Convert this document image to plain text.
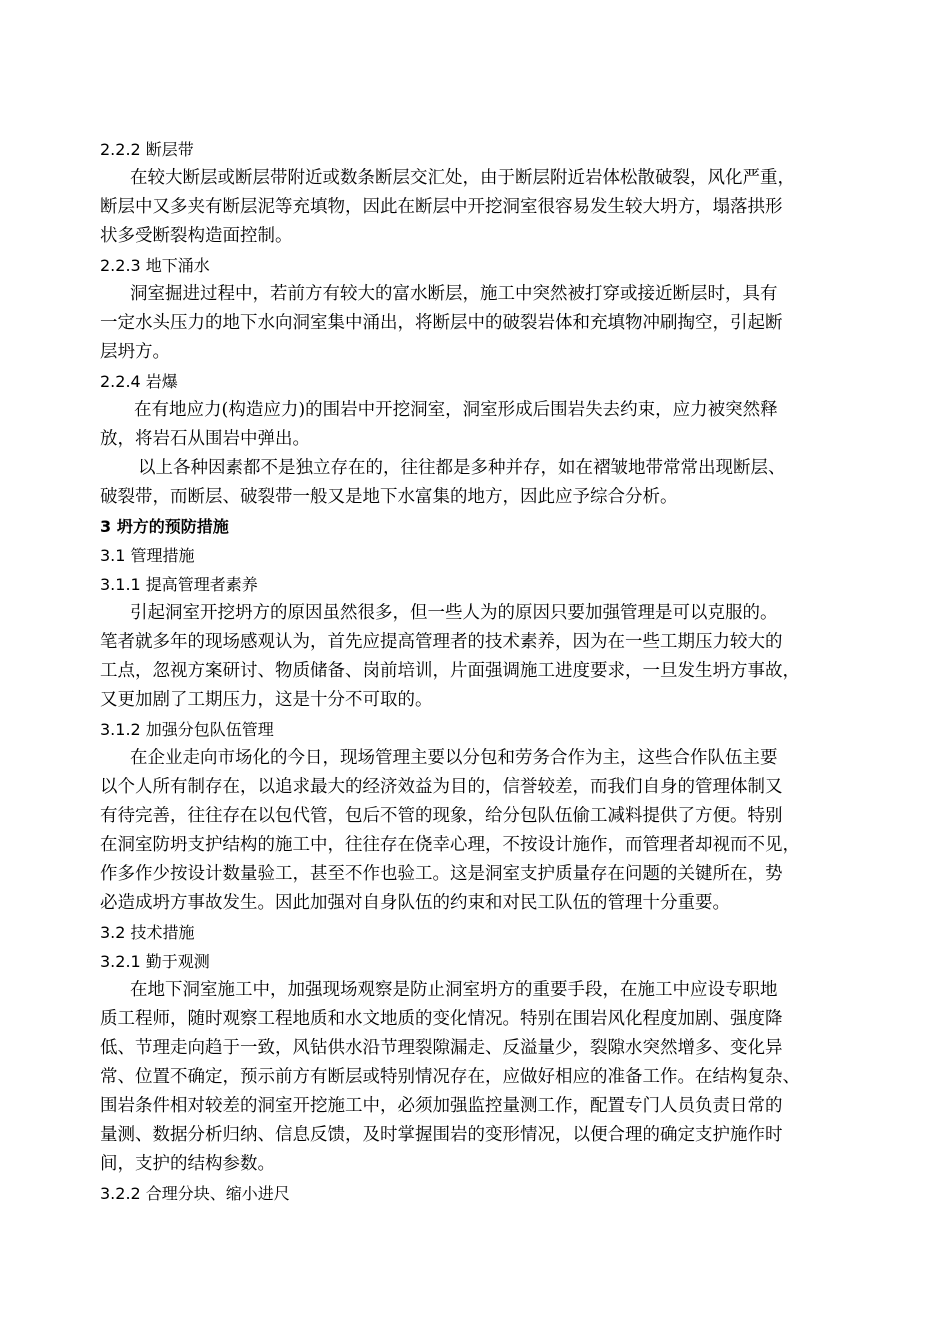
2.2.2 断层带
在较大断层或断层带附近或数条断层交汇处，由于断层附近岩体松散破裂，风化严重，
断层中又多夹有断层泥等充填物，因此在断层中开挖洞室很容易发生较大坍方，塌落拱形
状多受断裂构造面控制。
2.2.3 地下涌水
洞室掘进过程中，若前方有较大的富水断层，施工中突然被打穿或接近断层时，具有
一定水头压力的地下水向洞室集中涌出，将断层中的破裂岩体和充填物冲刷掏空，引起断
层坍方。
2.2.4 岩爆
在有地应力(构造应力)的围岩中开挖洞室，洞室形成后围岩失去约束，应力被突然释
放，将岩石从围岩中弹出。
以上各种因素都不是独立存在的，往往都是多种并存，如在褶皱地带常常出现断层、
破裂带，而断层、破裂带一般又是地下水富集的地方，因此应予综合分析。
3 坍方的预防措施
3.1 管理措施
3.1.1 提高管理者素养
引起洞室开挖坍方的原因虽然很多，但一些人为的原因只要加强管理是可以克服的。
笔者就多年的现场感观认为，首先应提高管理者的技术素养，因为在一些工期压力较大的
工点，忽视方案研讨、物质储备、岗前培训，片面强调施工进度要求，一旦发生坍方事故，
又更加剧了工期压力，这是十分不可取的。
3.1.2 加强分包队伍管理
在企业走向市场化的今日，现场管理主要以分包和劳务合作为主，这些合作队伍主要
以个人所有制存在，以追求最大的经济效益为目的，信誉较差，而我们自身的管理体制又
有待完善，往往存在以包代管，包后不管的现象，给分包队伍偷工减料提供了方便。特别
在洞室防坍支护结构的施工中，往往存在侥幸心理，不按设计施作，而管理者却视而不见，
作多作少按设计数量验工，甚至不作也验工。这是洞室支护质量存在问题的关键所在，势
必造成坍方事故发生。因此加强对自身队伍的约束和对民工队伍的管理十分重要。
3.2 技术措施
3.2.1 勤于观测
在地下洞室施工中，加强现场观察是防止洞室坍方的重要手段，在施工中应设专职地
质工程师，随时观察工程地质和水文地质的变化情况。特别在围岩风化程度加剧、强度降
低、节理走向趋于一致，风钻供水沿节理裂隙漏走、反溢量少，裂隙水突然增多、变化异
常、位置不确定，预示前方有断层或特别情况存在，应做好相应的准备工作。在结构复杂、
围岩条件相对较差的洞室开挖施工中，必须加强监控量测工作，配置专门人员负责日常的
量测、数据分析归纳、信息反馈，及时掌握围岩的变形情况，以便合理的确定支护施作时
间，支护的结构参数。
3.2.2 合理分块、缩小进尺
